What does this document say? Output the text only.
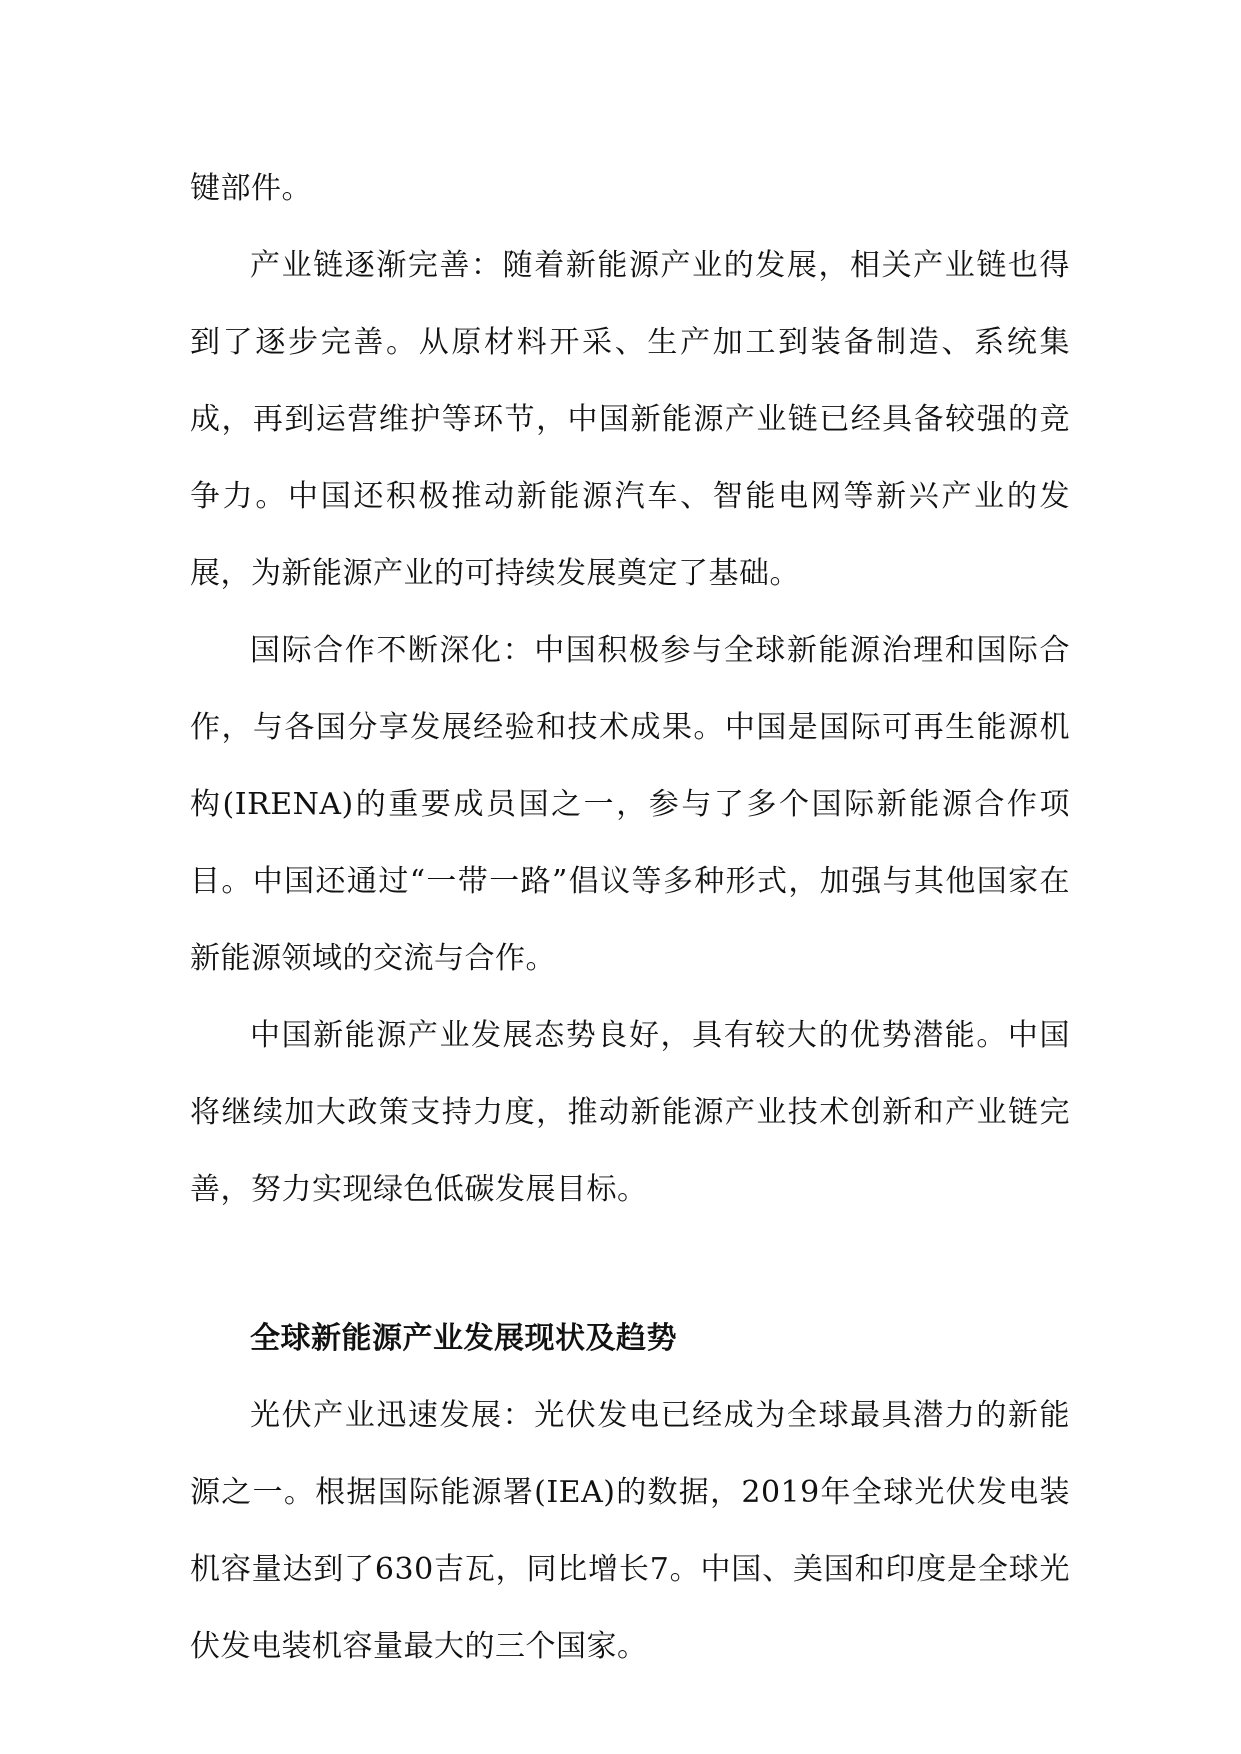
键部件。

产业链逐渐完善：随着新能源产业的发展，相关产业链也得到了逐步完善。从原材料开采、生产加工到装备制造、系统集成，再到运营维护等环节，中国新能源产业链已经具备较强的竞争力。中国还积极推动新能源汽车、智能电网等新兴产业的发展，为新能源产业的可持续发展奠定了基础。

国际合作不断深化：中国积极参与全球新能源治理和国际合作，与各国分享发展经验和技术成果。中国是国际可再生能源机构(IRENA)的重要成员国之一，参与了多个国际新能源合作项目。中国还通过“一带一路”倡议等多种形式，加强与其他国家在新能源领域的交流与合作。

中国新能源产业发展态势良好，具有较大的优势潜能。中国将继续加大政策支持力度，推动新能源产业技术创新和产业链完善，努力实现绿色低碳发展目标。

全球新能源产业发展现状及趋势

光伏产业迅速发展：光伏发电已经成为全球最具潜力的新能源之一。根据国际能源署(IEA)的数据，2019年全球光伏发电装机容量达到了630吉瓦，同比增长7。中国、美国和印度是全球光伏发电装机容量最大的三个国家。
